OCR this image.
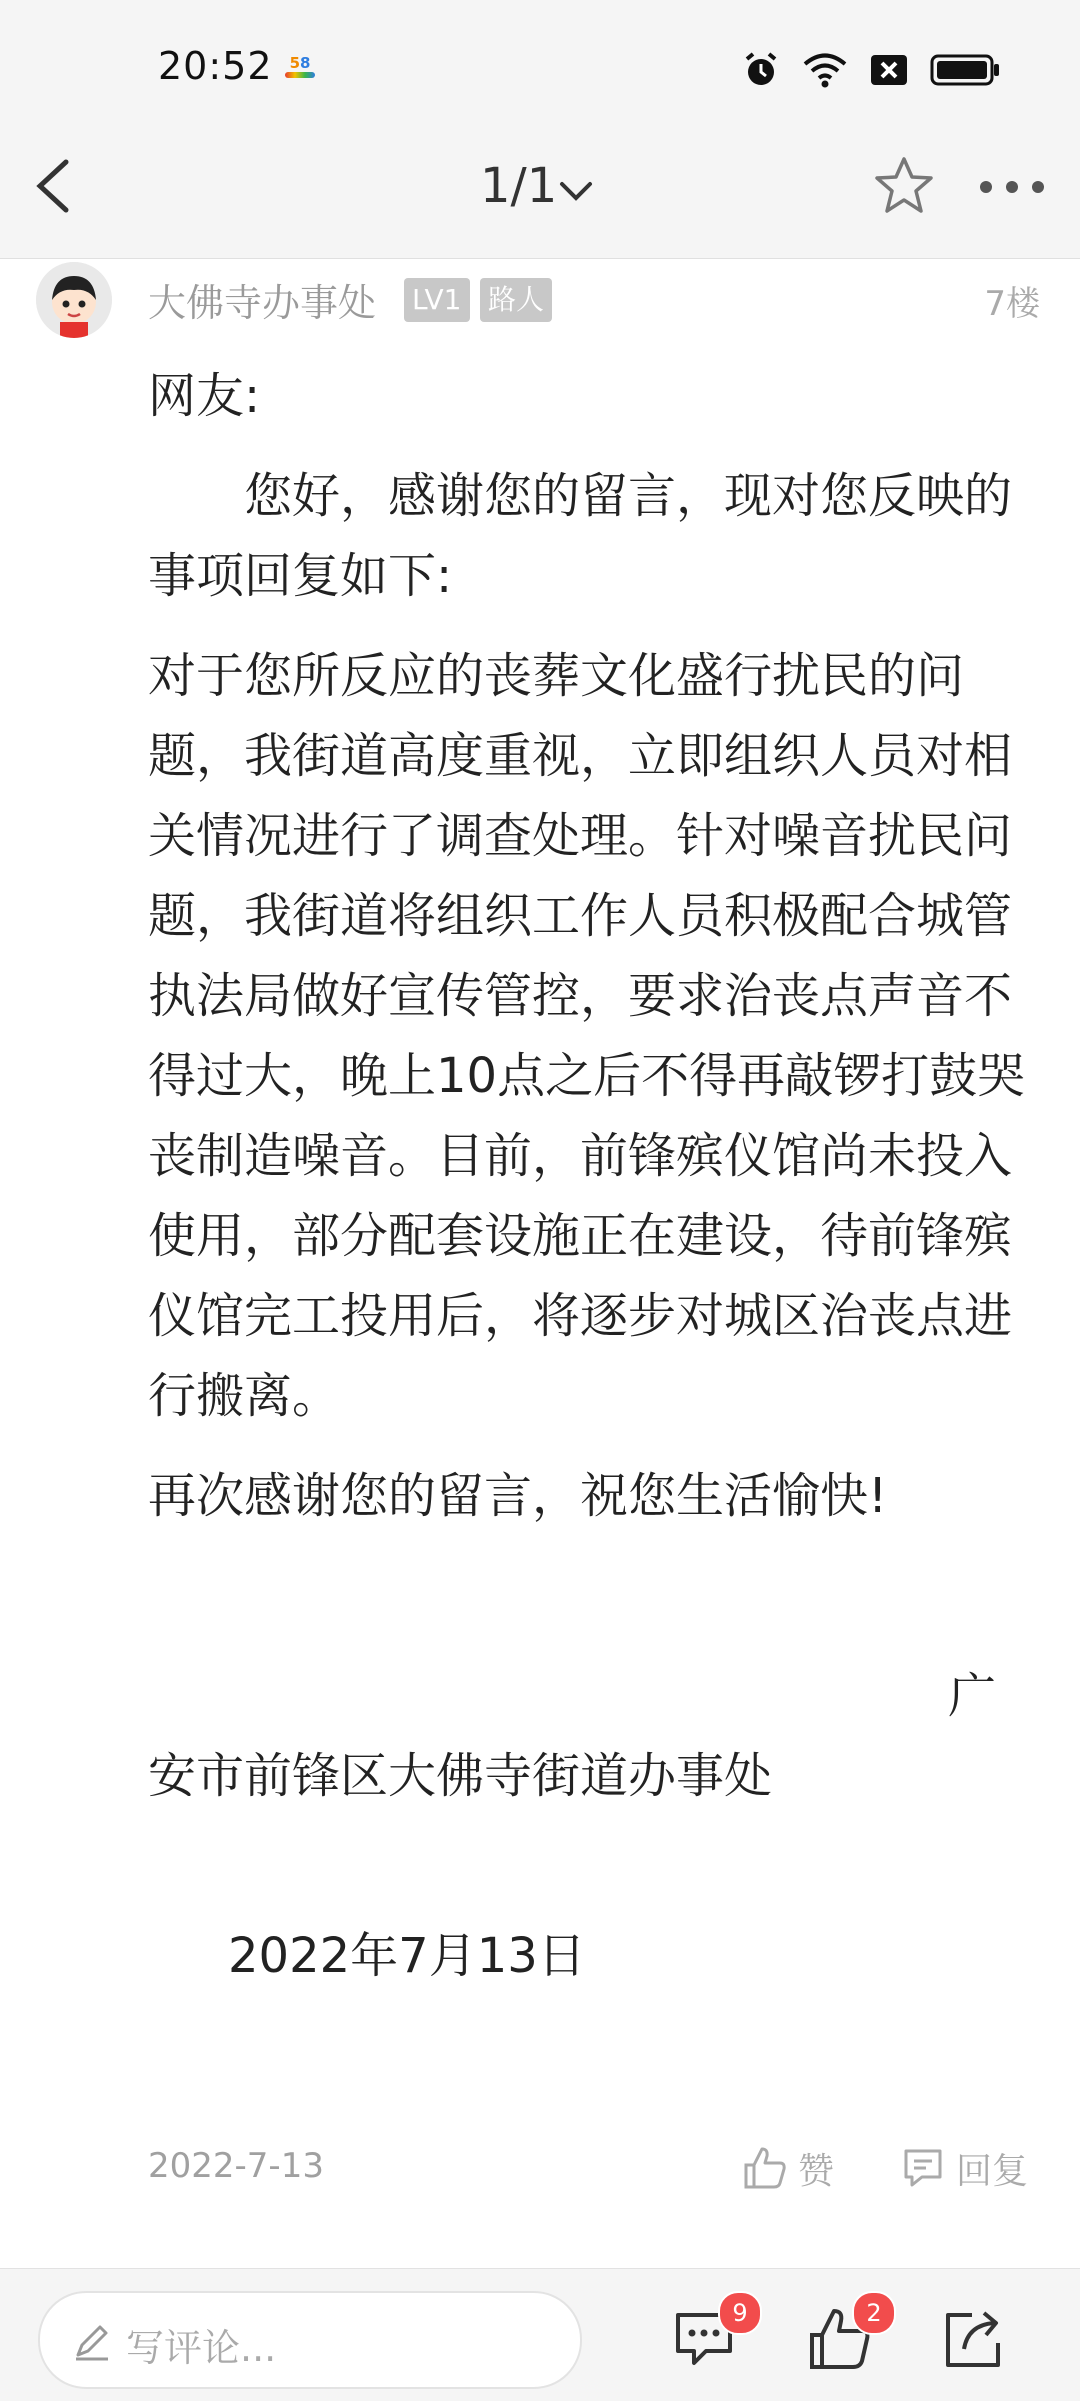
20:52	58
1/1
大佛寺办事处 LV1 路人	7楼

网友:

您好，感谢您的留言，现对您反映的事项回复如下:

对于您所反应的丧葬文化盛行扰民的问题，我街道高度重视，立即组织人员对相关情况进行了调查处理。针对噪音扰民问题，我街道将组织工作人员积极配合城管执法局做好宣传管控，要求治丧点声音不得过大，晚上10点之后不得再敲锣打鼓哭丧制造噪音。目前，前锋殡仪馆尚未投入使用，部分配套设施正在建设，待前锋殡仪馆完工投用后，将逐步对城区治丧点进行搬离。

再次感谢您的留言，祝您生活愉快!

广安市前锋区大佛寺街道办事处

2022年7月13日

2022-7-13	赞	回复
写评论...
9	2
